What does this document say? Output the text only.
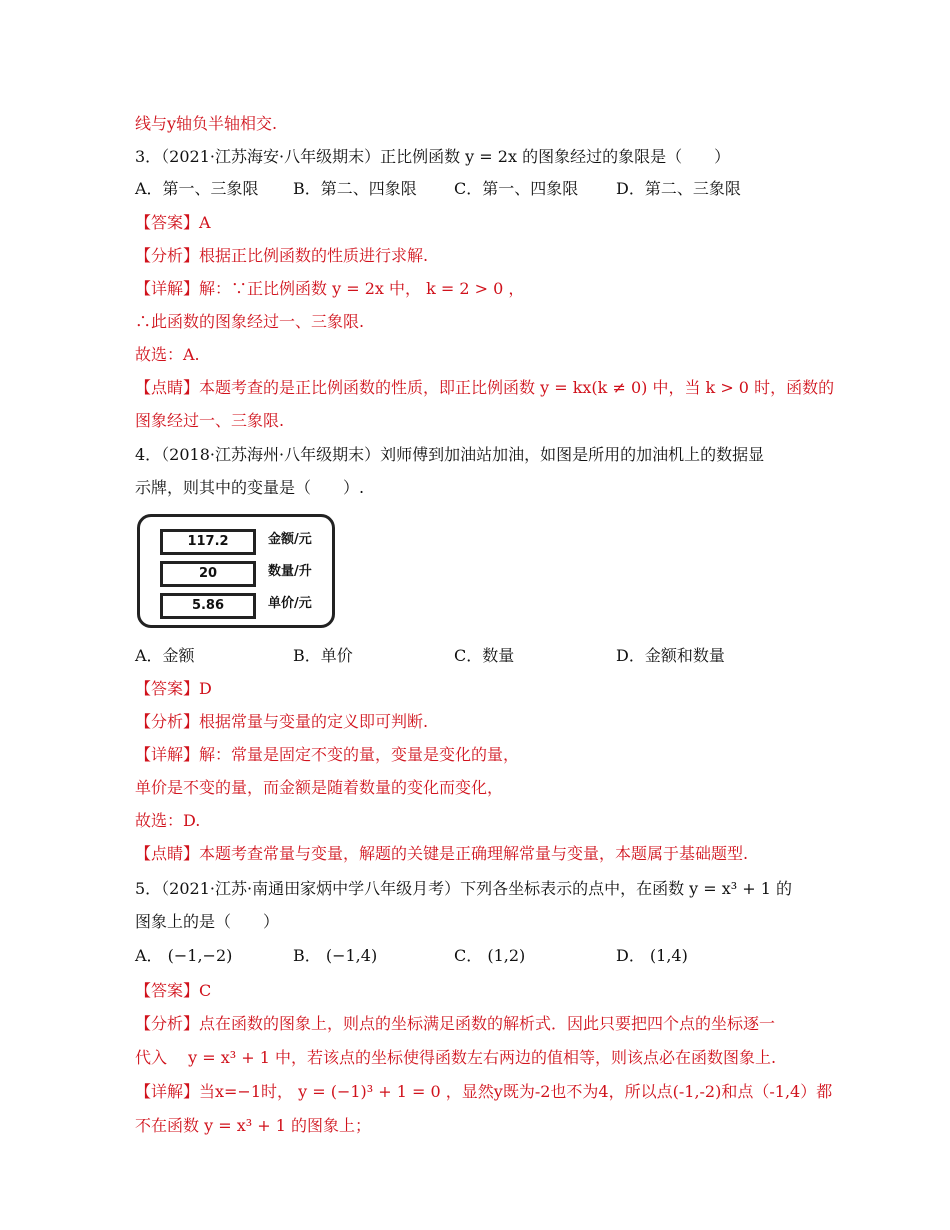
线与y轴负半轴相交.
3．（2021·江苏海安·八年级期末）正比例函数 y = 2x 的图象经过的象限是（　　）
A．第一、三象限 B．第二、四象限 C．第一、四象限 D．第二、三象限
【答案】A
【分析】根据正比例函数的性质进行求解.
【详解】解：∵正比例函数 y = 2x 中， k = 2 > 0 ，
∴此函数的图象经过一、三象限.
故选：A.
【点睛】本题考查的是正比例函数的性质，即正比例函数 y = kx(k ≠ 0) 中，当 k > 0 时，函数的
图象经过一、三象限.
4．（2018·江苏海州·八年级期末）刘师傅到加油站加油，如图是所用的加油机上的数据显
示牌，则其中的变量是（　　）.
117.2	金额/元
20	数量/升
5.86	单价/元
A．金额	B．单价	C．数量	D．金额和数量
【答案】D
【分析】根据常量与变量的定义即可判断.
【详解】解：常量是固定不变的量，变量是变化的量，
单价是不变的量，而金额是随着数量的变化而变化，
故选：D.
【点睛】本题考查常量与变量，解题的关键是正确理解常量与变量，本题属于基础题型.
5．（2021·江苏·南通田家炳中学八年级月考）下列各坐标表示的点中，在函数 y = x³ + 1 的
图象上的是（　　）
A． (−1,−2)	B． (−1,4)	C． (1,2)	D． (1,4)
【答案】C
【分析】点在函数的图象上，则点的坐标满足函数的解析式．因此只要把四个点的坐标逐一
代入　 y = x³ + 1 中，若该点的坐标使得函数左右两边的值相等，则该点必在函数图象上.
【详解】当x=−1时， y = (−1)³ + 1 = 0 ，显然y既为-2也不为4，所以点(-1,-2)和点（-1,4）都
不在函数 y = x³ + 1 的图象上；
